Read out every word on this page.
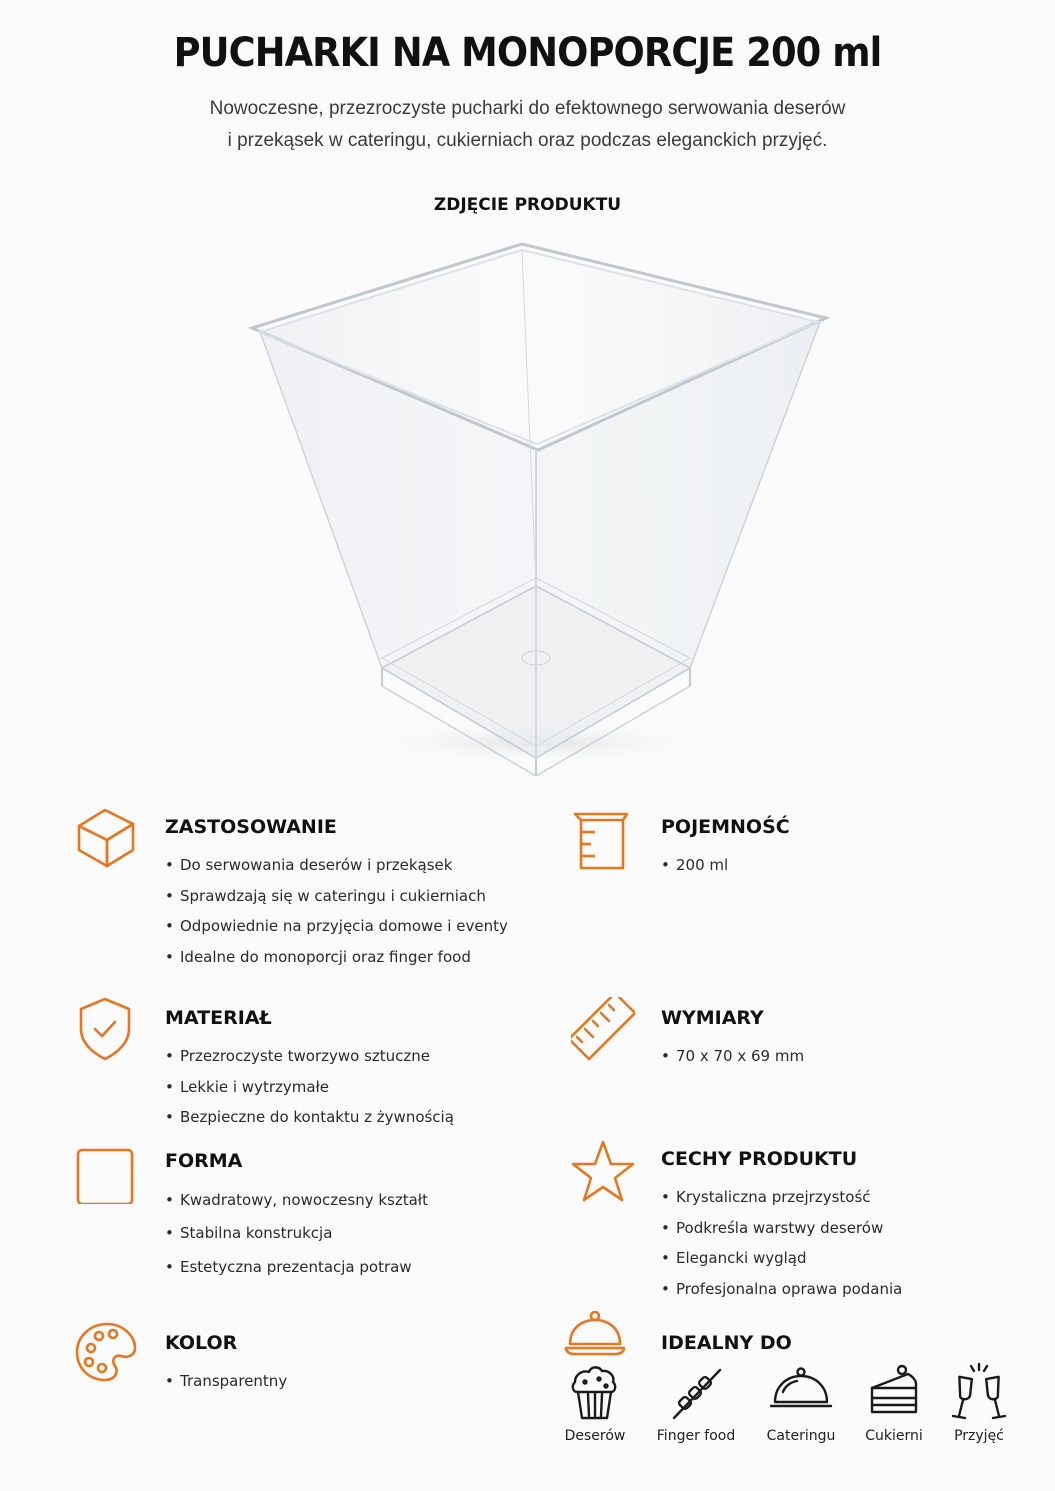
PUCHARKI NA MONOPORCJE 200 ml
Nowoczesne, przezroczyste pucharki do efektownego serwowania deserów
i przekąsek w cateringu, cukierniach oraz podczas eleganckich przyjęć.
ZDJĘCIE PRODUKTU
ZASTOSOWANIE
• Do serwowania deserów i przekąsek
• Sprawdzają się w cateringu i cukierniach
• Odpowiednie na przyjęcia domowe i eventy
• Idealne do monoporcji oraz finger food
POJEMNOŚĆ
• 200 ml
MATERIAŁ
• Przezroczyste tworzywo sztuczne
• Lekkie i wytrzymałe
• Bezpieczne do kontaktu z żywnością
WYMIARY
• 70 x 70 x 69 mm
FORMA
• Kwadratowy, nowoczesny kształt
• Stabilna konstrukcja
• Estetyczna prezentacja potraw
CECHY PRODUKTU
• Krystaliczna przejrzystość
• Podkreśla warstwy deserów
• Elegancki wygląd
• Profesjonalna oprawa podania
KOLOR
• Transparentny
IDEALNY DO
Deserów	Finger food	Cateringu	Cukierni	Przyjęć
